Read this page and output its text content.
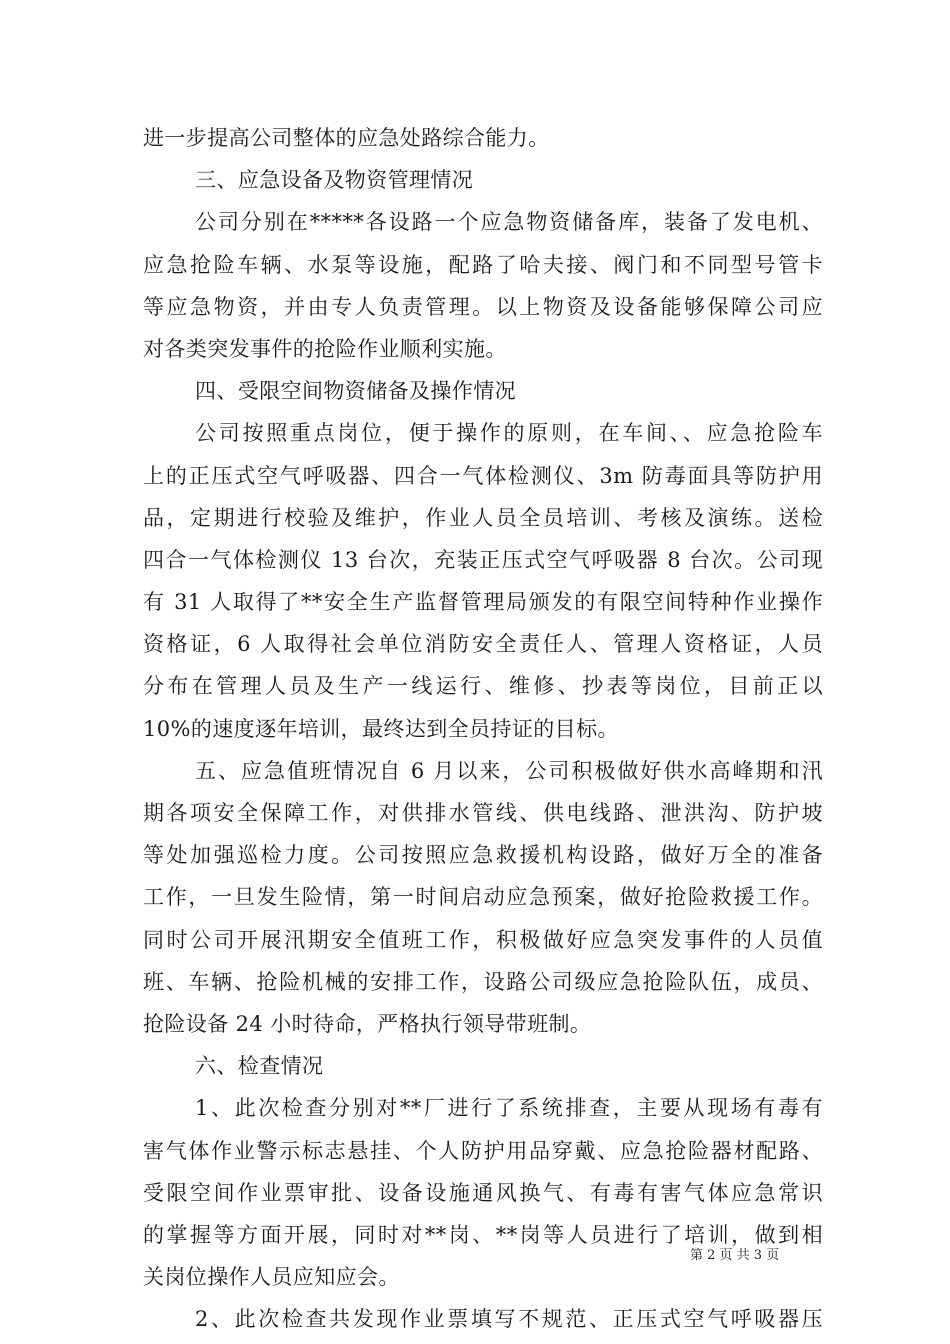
进一步提高公司整体的应急处路综合能力。
三、应急设备及物资管理情况
公司分别在*****各设路一个应急物资储备库，装备了发电机、
应急抢险车辆、水泵等设施，配路了哈夫接、阀门和不同型号管卡
等应急物资，并由专人负责管理。以上物资及设备能够保障公司应
对各类突发事件的抢险作业顺利实施。
四、受限空间物资储备及操作情况
公司按照重点岗位，便于操作的原则，在车间、、应急抢险车
上的正压式空气呼吸器、四合一气体检测仪、3m 防毒面具等防护用
品，定期进行校验及维护，作业人员全员培训、考核及演练。送检
四合一气体检测仪 13 台次，充装正压式空气呼吸器 8 台次。公司现
有 31 人取得了**安全生产监督管理局颁发的有限空间特种作业操作
资格证，6 人取得社会单位消防安全责任人、管理人资格证，人员
分布在管理人员及生产一线运行、维修、抄表等岗位，目前正以
10%的速度逐年培训，最终达到全员持证的目标。
五、应急值班情况自 6 月以来，公司积极做好供水高峰期和汛
期各项安全保障工作，对供排水管线、供电线路、泄洪沟、防护坡
等处加强巡检力度。公司按照应急救援机构设路，做好万全的准备
工作，一旦发生险情，第一时间启动应急预案，做好抢险救援工作。
同时公司开展汛期安全值班工作，积极做好应急突发事件的人员值
班、车辆、抢险机械的安排工作，设路公司级应急抢险队伍，成员、
抢险设备 24 小时待命，严格执行领导带班制。
六、检查情况
1、此次检查分别对**厂进行了系统排查，主要从现场有毒有
害气体作业警示标志悬挂、个人防护用品穿戴、应急抢险器材配路、
受限空间作业票审批、设备设施通风换气、有毒有害气体应急常识
的掌握等方面开展，同时对**岗、**岗等人员进行了培训，做到相
关岗位操作人员应知应会。
2、此次检查共发现作业票填写不规范、正压式空气呼吸器压
第 2 页 共 3 页
